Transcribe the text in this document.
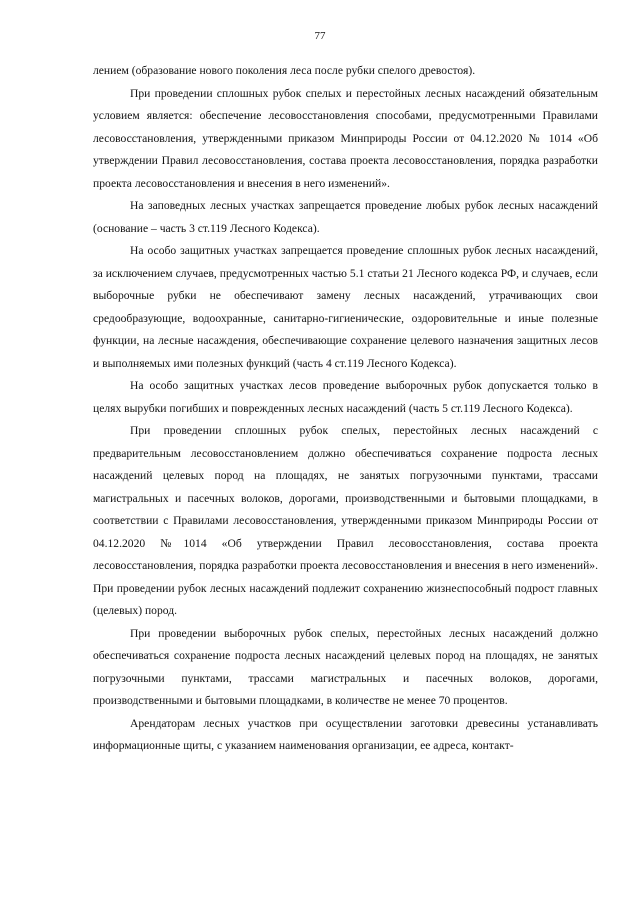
77

лением (образование нового поколения леса после рубки спелого древостоя).

При проведении сплошных рубок спелых и перестойных лесных насаждений обязательным условием является: обеспечение лесовосстановления способами, предусмотренными Правилами лесовосстановления, утвержденными приказом Минприроды России от 04.12.2020 № 1014 «Об утверждении Правил лесовосстановления, состава проекта лесовосстановления, порядка разработки проекта лесовосстановления и внесения в него изменений».

На заповедных лесных участках запрещается проведение любых рубок лесных насаждений (основание – часть 3 ст.119 Лесного Кодекса).

На особо защитных участках запрещается проведение сплошных рубок лесных насаждений, за исключением случаев, предусмотренных частью 5.1 статьи 21 Лесного кодекса РФ, и случаев, если выборочные рубки не обеспечивают замену лесных насаждений, утрачивающих свои средообразующие, водоохранные, санитарно-гигиенические, оздоровительные и иные полезные функции, на лесные насаждения, обеспечивающие сохранение целевого назначения защитных лесов и выполняемых ими полезных функций (часть 4 ст.119 Лесного Кодекса).

На особо защитных участках лесов проведение выборочных рубок допускается только в целях вырубки погибших и поврежденных лесных насаждений (часть 5 ст.119 Лесного Кодекса).

При проведении сплошных рубок спелых, перестойных лесных насаждений с предварительным лесовосстановлением должно обеспечиваться сохранение подроста лесных насаждений целевых пород на площадях, не занятых погрузочными пунктами, трассами магистральных и пасечных волоков, дорогами, производственными и бытовыми площадками, в соответствии с Правилами лесовосстановления, утвержденными приказом Минприроды России от 04.12.2020 №1014 «Об утверждении Правил лесовосстановления, состава проекта лесовосстановления, порядка разработки проекта лесовосстановления и внесения в него изменений». При проведении рубок лесных насаждений подлежит сохранению жизнеспособный подрост главных (целевых) пород.

При проведении выборочных рубок спелых, перестойных лесных насаждений должно обеспечиваться сохранение подроста лесных насаждений целевых пород на площадях, не занятых погрузочными пунктами, трассами магистральных и пасечных волоков, дорогами, производственными и бытовыми площадками, в количестве не менее 70 процентов.

Арендаторам лесных участков при осуществлении заготовки древесины устанавливать информационные щиты, с указанием наименования организации, ее адреса, контакт-
